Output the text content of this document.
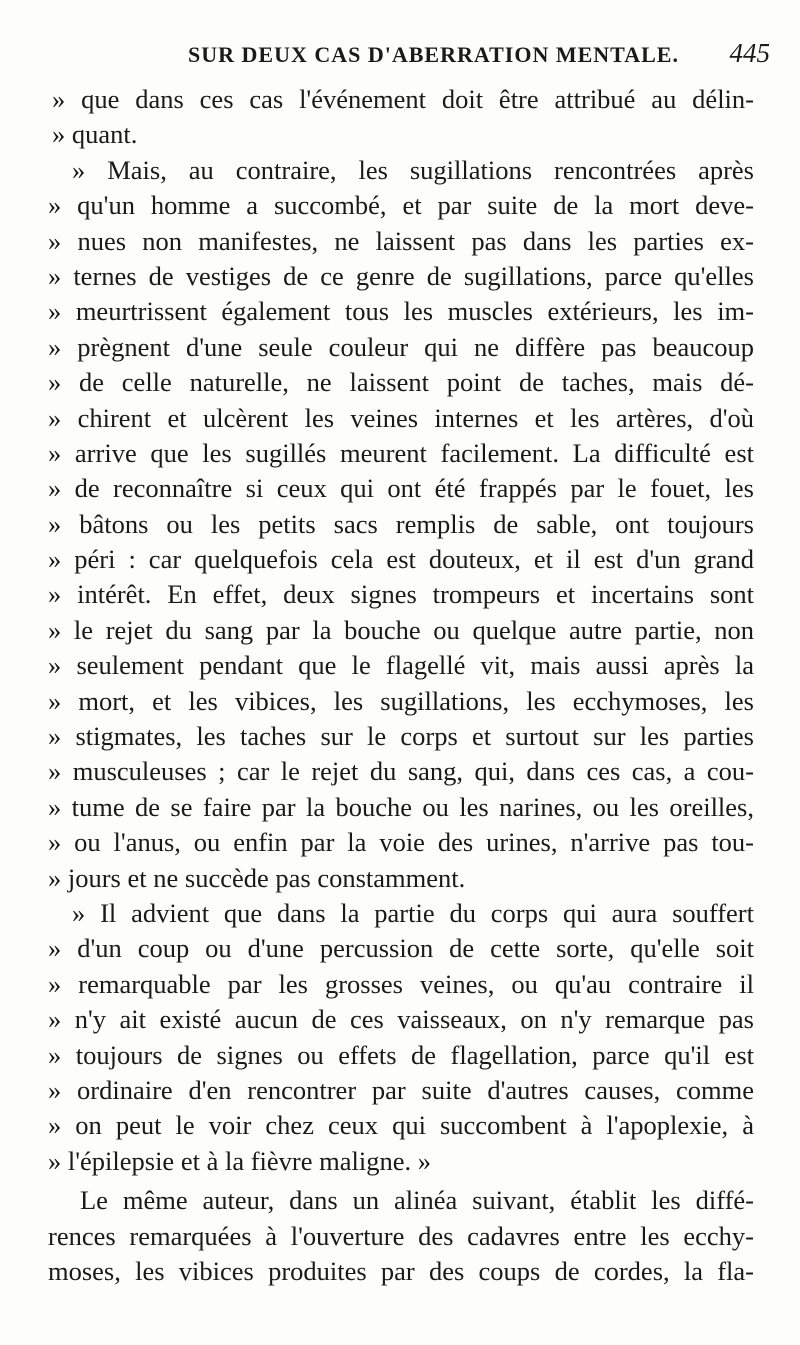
SUR DEUX CAS D'ABERRATION MENTALE. 445
» que dans ces cas l'événement doit être attribué au délin-
» quant.
» Mais, au contraire, les sugillations rencontrées après
» qu'un homme a succombé, et par suite de la mort deve-
» nues non manifestes, ne laissent pas dans les parties ex-
» ternes de vestiges de ce genre de sugillations, parce qu'elles
» meurtrissent également tous les muscles extérieurs, les im-
» prègnent d'une seule couleur qui ne diffère pas beaucoup
» de celle naturelle, ne laissent point de taches, mais dé-
» chirent et ulcèrent les veines internes et les artères, d'où
» arrive que les sugillés meurent facilement. La difficulté est
» de reconnaître si ceux qui ont été frappés par le fouet, les
» bâtons ou les petits sacs remplis de sable, ont toujours
» péri : car quelquefois cela est douteux, et il est d'un grand
» intérêt. En effet, deux signes trompeurs et incertains sont
» le rejet du sang par la bouche ou quelque autre partie, non
» seulement pendant que le flagellé vit, mais aussi après la
» mort, et les vibices, les sugillations, les ecchymoses, les
» stigmates, les taches sur le corps et surtout sur les parties
» musculeuses ; car le rejet du sang, qui, dans ces cas, a cou-
» tume de se faire par la bouche ou les narines, ou les oreilles,
» ou l'anus, ou enfin par la voie des urines, n'arrive pas tou-
» jours et ne succède pas constamment.
» Il advient que dans la partie du corps qui aura souffert
» d'un coup ou d'une percussion de cette sorte, qu'elle soit
» remarquable par les grosses veines, ou qu'au contraire il
» n'y ait existé aucun de ces vaisseaux, on n'y remarque pas
» toujours de signes ou effets de flagellation, parce qu'il est
» ordinaire d'en rencontrer par suite d'autres causes, comme
» on peut le voir chez ceux qui succombent à l'apoplexie, à
» l'épilepsie et à la fièvre maligne. »
Le même auteur, dans un alinéa suivant, établit les diffé-
rences remarquées à l'ouverture des cadavres entre les ecchy-
moses, les vibices produites par des coups de cordes, la fla-
